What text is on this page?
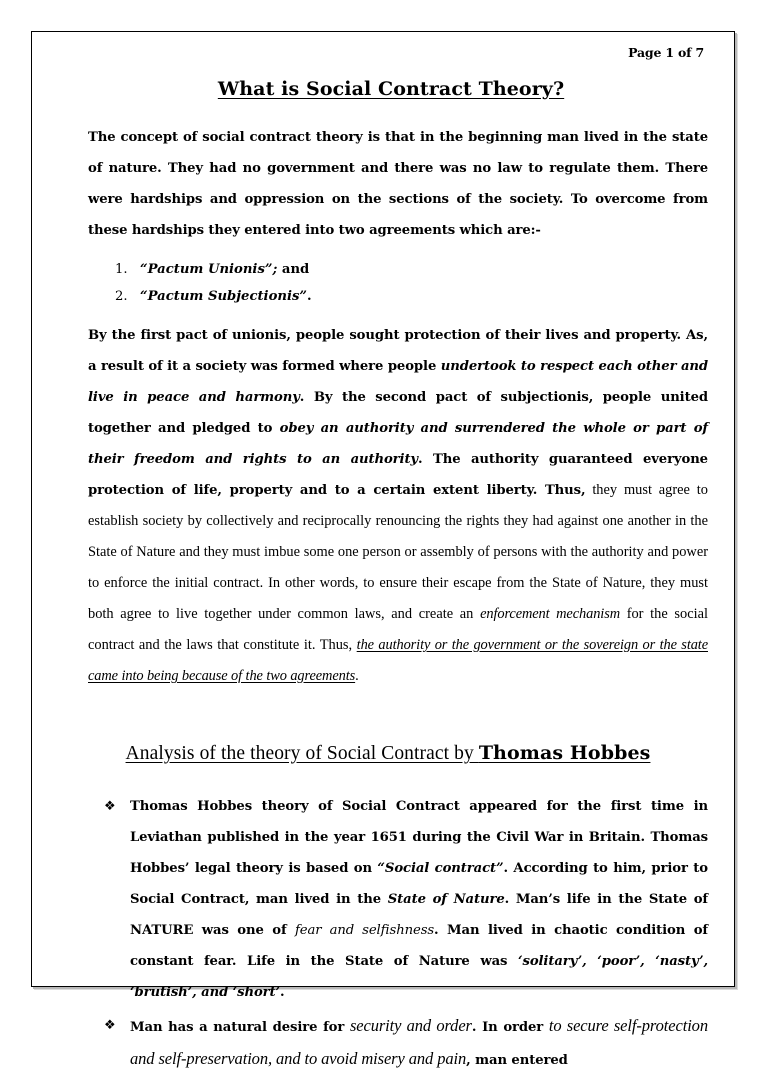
Page 1 of 7
What is Social Contract Theory?

The concept of social contract theory is that in the beginning man lived in the state of nature. They had no government and there was no law to regulate them. There were hardships and oppression on the sections of the society. To overcome from these hardships they entered into two agreements which are:-

“Pactum Unionis”; and
“Pactum Subjectionis”.

By the first pact of unionis, people sought protection of their lives and property. As, a result of it a society was formed where people undertook to respect each other and live in peace and harmony. By the second pact of subjectionis, people united together and pledged to obey an authority and surrendered the whole or part of their freedom and rights to an authority. The authority guaranteed everyone protection of life, property and to a certain extent liberty. Thus, they must agree to establish society by collectively and reciprocally renouncing the rights they had against one another in the State of Nature and they must imbue some one person or assembly of persons with the authority and power to enforce the initial contract. In other words, to ensure their escape from the State of Nature, they must both agree to live together under common laws, and create an enforcement mechanism for the social contract and the laws that constitute it. Thus, the authority or the government or the sovereign or the state came into being because of the two agreements.

Analysis of the theory of Social Contract by Thomas Hobbes
❖ Thomas Hobbes theory of Social Contract appeared for the first time in Leviathan published in the year 1651 during the Civil War in Britain. Thomas Hobbes’ legal theory is based on “Social contract”. According to him, prior to Social Contract, man lived in the State of Nature. Man’s life in the State of NATURE was one of fear and selfishness. Man lived in chaotic condition of constant fear. Life in the State of Nature was ‘solitary’, ‘poor’, ‘nasty’, ‘brutish’, and ‘short’.
❖ Man has a natural desire for security and order. In order to secure self-protection and self-preservation, and to avoid misery and pain, man entered
